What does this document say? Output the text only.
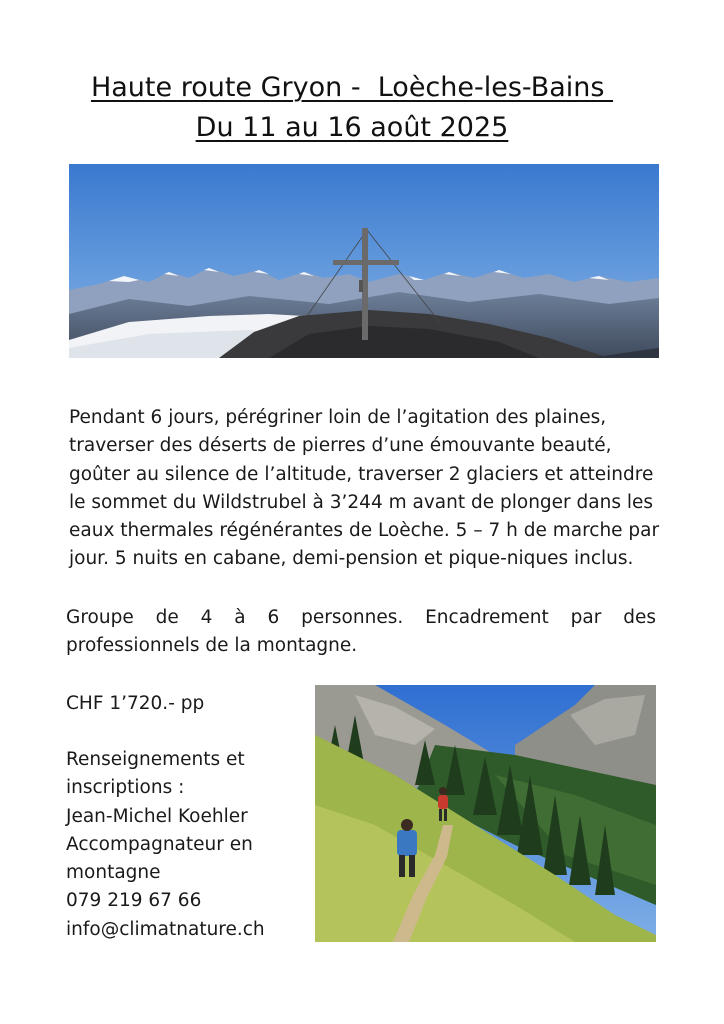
Haute route Gryon -  Loèche-les-Bains
Du 11 au 16 août 2025
Pendant 6 jours, pérégriner loin de l’agitation des plaines,
traverser des déserts de pierres d’une émouvante beauté,
goûter au silence de l’altitude, traverser 2 glaciers et atteindre
le sommet du Wildstrubel à 3’244 m avant de plonger dans les
eaux thermales régénérantes de Loèche. 5 – 7 h de marche par
jour. 5 nuits en cabane, demi-pension et pique-niques inclus.
Groupe de 4 à 6 personnes. Encadrement par des
professionnels de la montagne.
CHF 1’720.- pp
Renseignements et
inscriptions :
Jean-Michel Koehler
Accompagnateur en
montagne
079 219 67 66
info@climatnature.ch
